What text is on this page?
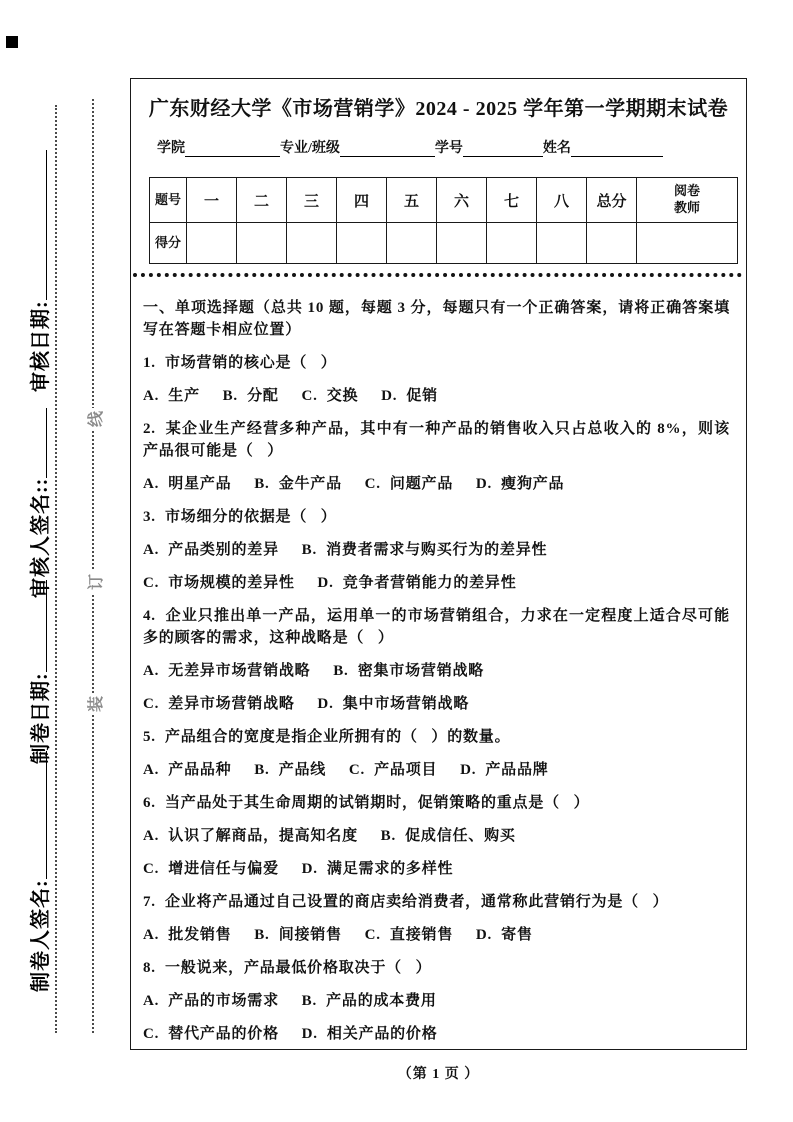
审核日期:
审核人签名::
制卷日期:
制卷人签名:
线
订
装
广东财经大学《市场营销学》2024 - 2025 学年第一学期期末试卷
学院	专业/班级	学号	姓名
题号	一	二	三	四	五	六	七	八	总分	阅卷教师
得分										

一、单项选择题（总共 10 题，每题 3 分，每题只有一个正确答案，请将正确答案填写在答题卡相应位置）

1.  市场营销的核心是（   ）

A.  生产     B.  分配     C.  交换     D.  促销

2.  某企业生产经营多种产品，其中有一种产品的销售收入只占总收入的 8%，则该产品很可能是（   ）

A.  明星产品     B.  金牛产品     C.  问题产品     D.  瘦狗产品

3.  市场细分的依据是（   ）

A.  产品类别的差异     B.  消费者需求与购买行为的差异性

C.  市场规模的差异性     D.  竞争者营销能力的差异性

4.  企业只推出单一产品，运用单一的市场营销组合，力求在一定程度上适合尽可能多的顾客的需求，这种战略是（   ）

A.  无差异市场营销战略     B.  密集市场营销战略

C.  差异市场营销战略     D.  集中市场营销战略

5.  产品组合的宽度是指企业所拥有的（   ）的数量。

A.  产品品种     B.  产品线     C.  产品项目     D.  产品品牌

6.  当产品处于其生命周期的试销期时，促销策略的重点是（   ）

A.  认识了解商品，提高知名度     B.  促成信任、购买

C.  增进信任与偏爱     D.  满足需求的多样性

7.  企业将产品通过自己设置的商店卖给消费者，通常称此营销行为是（   ）

A.  批发销售     B.  间接销售     C.  直接销售     D.  寄售

8.  一般说来，产品最低价格取决于（   ）

A.  产品的市场需求     B.  产品的成本费用

C.  替代产品的价格     D.  相关产品的价格

（第 1 页 ）
